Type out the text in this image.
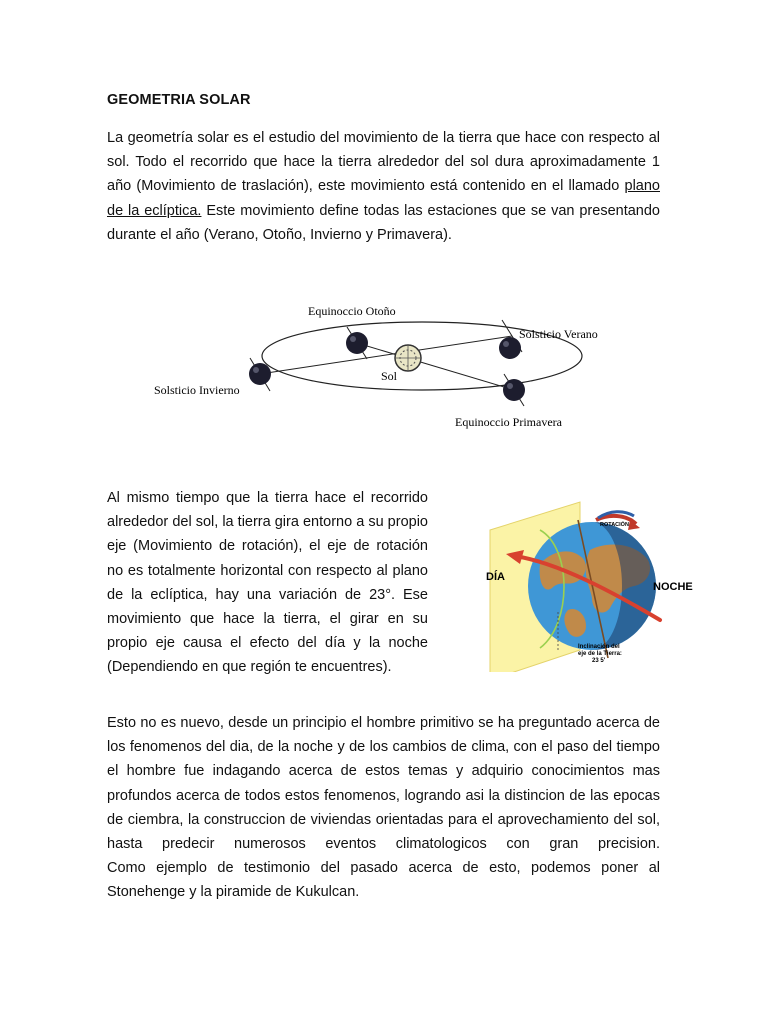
GEOMETRIA SOLAR
La geometría solar es el estudio del movimiento de la tierra que hace con respecto al sol. Todo el recorrido que hace la tierra alrededor del sol dura aproximadamente 1 año (Movimiento de traslación), este movimiento está contenido en el llamado plano de la eclíptica. Este movimiento define todas las estaciones que se van presentando durante el año (Verano, Otoño, Invierno y Primavera).
Equinoccio Otoño
Solsticio Verano
Sol
Solsticio Invierno
Equinoccio Primavera
Al mismo tiempo que la tierra hace el recorrido alrededor del sol, la tierra gira entorno a su propio eje (Movimiento de rotación), el eje de rotación no es totalmente horizontal con respecto al plano de la eclíptica, hay una variación de 23°. Ese movimiento que hace la tierra, el girar en su propio eje causa el efecto del día y la noche (Dependiendo en que región te encuentres).
ROTACIÓN
DÍA
NOCHE
Inclinación del
eje de la Tierra:
23 5'
Esto no es nuevo, desde un principio el hombre primitivo se ha preguntado acerca de los fenomenos del dia, de la noche y de los cambios de clima, con el paso del tiempo el hombre fue indagando acerca de estos temas y adquirio conocimientos mas profundos acerca de todos estos fenomenos, logrando asi la distincion de las epocas de ciembra, la construccion de viviendas orientadas para el aprovechamiento del sol, hasta predecir numerosos eventos climatologicos con gran precision.
Como ejemplo de testimonio del pasado acerca de esto, podemos poner al Stonehenge y la piramide de Kukulcan.
